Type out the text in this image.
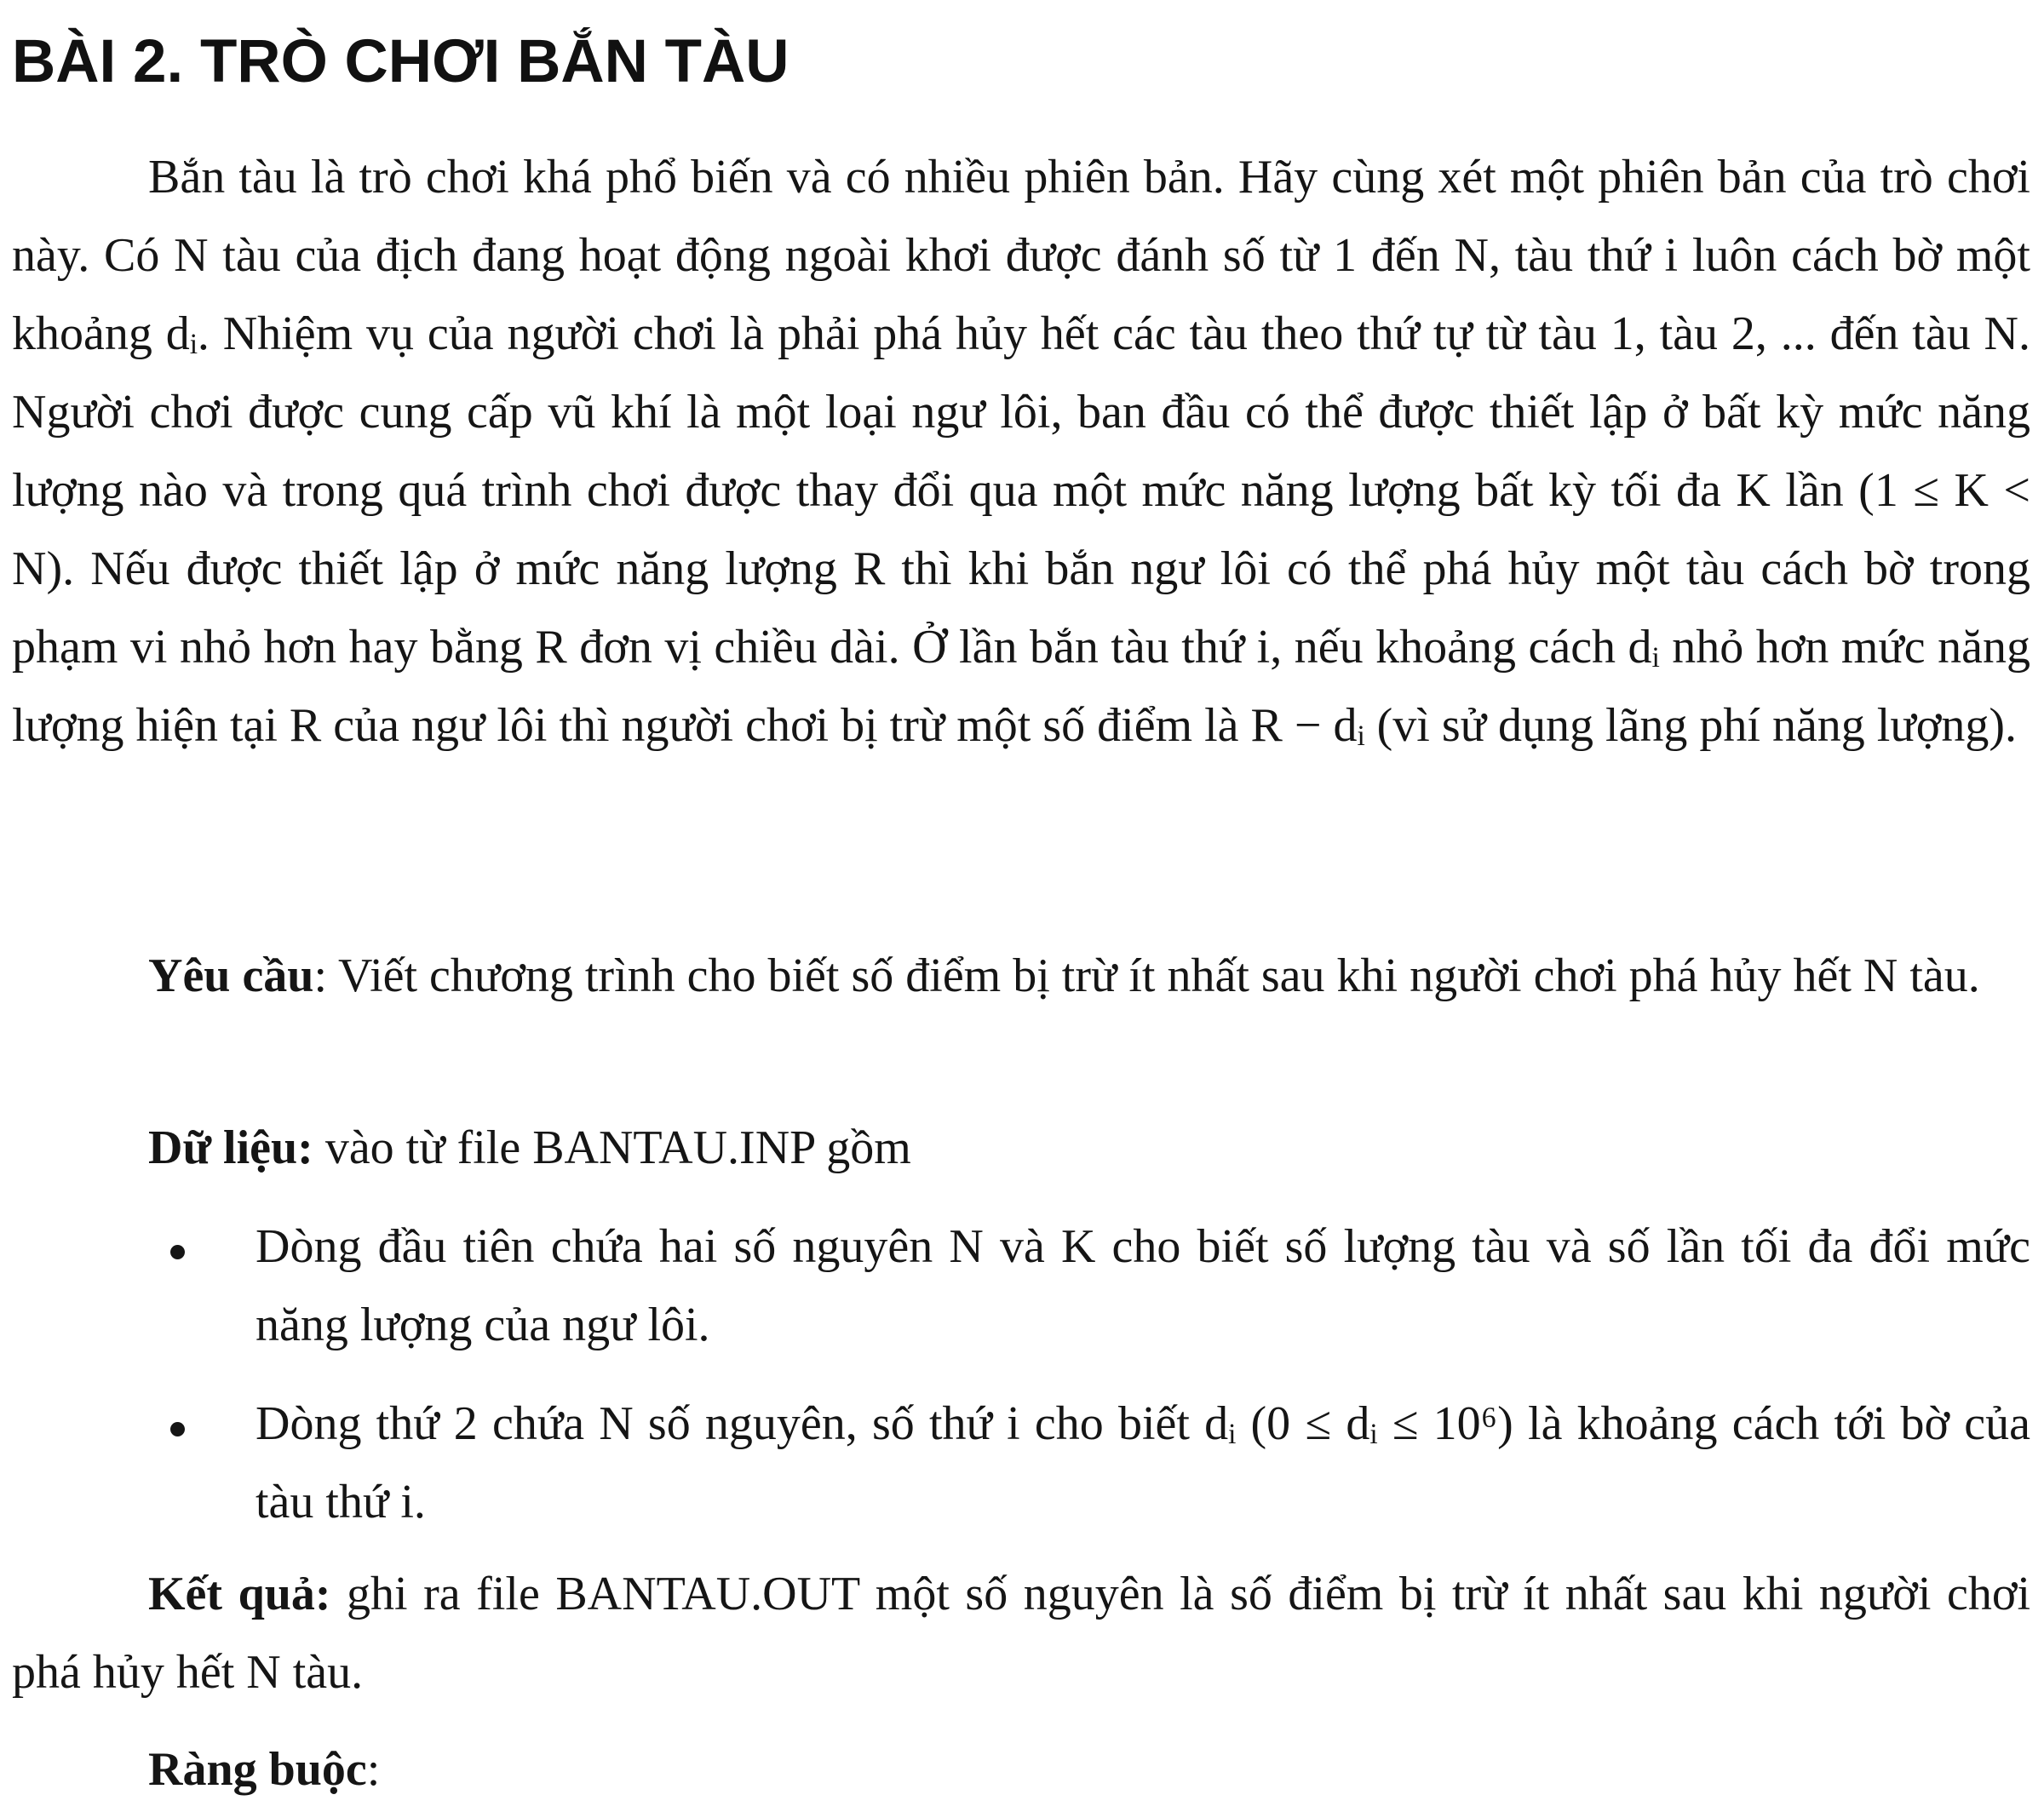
BÀI 2. TRÒ CHƠI BẮN TÀU

Bắn tàu là trò chơi khá phổ biến và có nhiều phiên bản. Hãy cùng xét một phiên bản của trò chơi này. Có N tàu của địch đang hoạt động ngoài khơi được đánh số từ 1 đến N, tàu thứ i luôn cách bờ một khoảng dᵢ. Nhiệm vụ của người chơi là phải phá hủy hết các tàu theo thứ tự từ tàu 1, tàu 2, ... đến tàu N. Người chơi được cung cấp vũ khí là một loại ngư lôi, ban đầu có thể được thiết lập ở bất kỳ mức năng lượng nào và trong quá trình chơi được thay đổi qua một mức năng lượng bất kỳ tối đa K lần (1 ≤ K < N). Nếu được thiết lập ở mức năng lượng R thì khi bắn ngư lôi có thể phá hủy một tàu cách bờ trong phạm vi nhỏ hơn hay bằng R đơn vị chiều dài. Ở lần bắn tàu thứ i, nếu khoảng cách dᵢ nhỏ hơn mức năng lượng hiện tại R của ngư lôi thì người chơi bị trừ một số điểm là R − dᵢ (vì sử dụng lãng phí năng lượng).

Yêu cầu: Viết chương trình cho biết số điểm bị trừ ít nhất sau khi người chơi phá hủy hết N tàu.

Dữ liệu: vào từ file BANTAU.INP gồm

Dòng đầu tiên chứa hai số nguyên N và K cho biết số lượng tàu và số lần tối đa đổi mức năng lượng của ngư lôi.
Dòng thứ 2 chứa N số nguyên, số thứ i cho biết dᵢ (0 ≤ dᵢ ≤ 10⁶) là khoảng cách tới bờ của tàu thứ i.

Kết quả: ghi ra file BANTAU.OUT một số nguyên là số điểm bị trừ ít nhất sau khi người chơi phá hủy hết N tàu.

Ràng buộc:
